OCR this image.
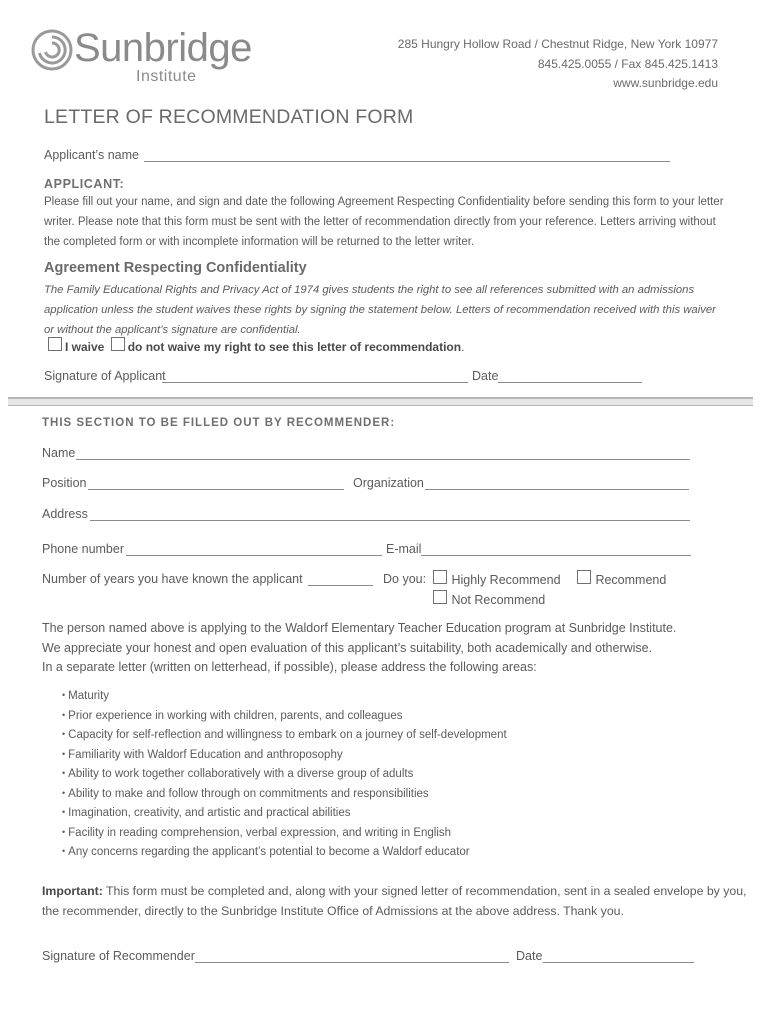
Sunbridge
Institute
285 Hungry Hollow Road / Chestnut Ridge, New York 10977
845.425.0055 / Fax 845.425.1413
www.sunbridge.edu
LETTER OF RECOMMENDATION FORM
Applicant’s name
APPLICANT:
Please fill out your name, and sign and date the following Agreement Respecting Confidentiality before sending this form to your letter
writer. Please note that this form must be sent with the letter of recommendation directly from your reference. Letters arriving without
the completed form or with incomplete information will be returned to the letter writer.
Agreement Respecting Confidentiality
The Family Educational Rights and Privacy Act of 1974 gives students the right to see all references submitted with an admissions
application unless the student waives these rights by signing the statement below. Letters of recommendation received with this waiver
or without the applicant’s signature are confidential.
I waive do not waive my right to see this letter of recommendation.
Signature of Applicant	Date
THIS SECTION TO BE FILLED OUT BY RECOMMENDER:
Name
Position	Organization
Address
Phone number	E-mail
Number of years you have known the applicant	Do you:	Highly Recommend	Recommend
Not Recommend
The person named above is applying to the Waldorf Elementary Teacher Education program at Sunbridge Institute.
We appreciate your honest and open evaluation of this applicant’s suitability, both academically and otherwise.
In a separate letter (written on letterhead, if possible), please address the following areas:
• Maturity
• Prior experience in working with children, parents, and colleagues
• Capacity for self-reflection and willingness to embark on a journey of self-development
• Familiarity with Waldorf Education and anthroposophy
• Ability to work together collaboratively with a diverse group of adults
• Ability to make and follow through on commitments and responsibilities
• Imagination, creativity, and artistic and practical abilities
• Facility in reading comprehension, verbal expression, and writing in English
• Any concerns regarding the applicant’s potential to become a Waldorf educator
Important: This form must be completed and, along with your signed letter of recommendation, sent in a sealed envelope by you,
the recommender, directly to the Sunbridge Institute Office of Admissions at the above address. Thank you.
Signature of Recommender	Date
